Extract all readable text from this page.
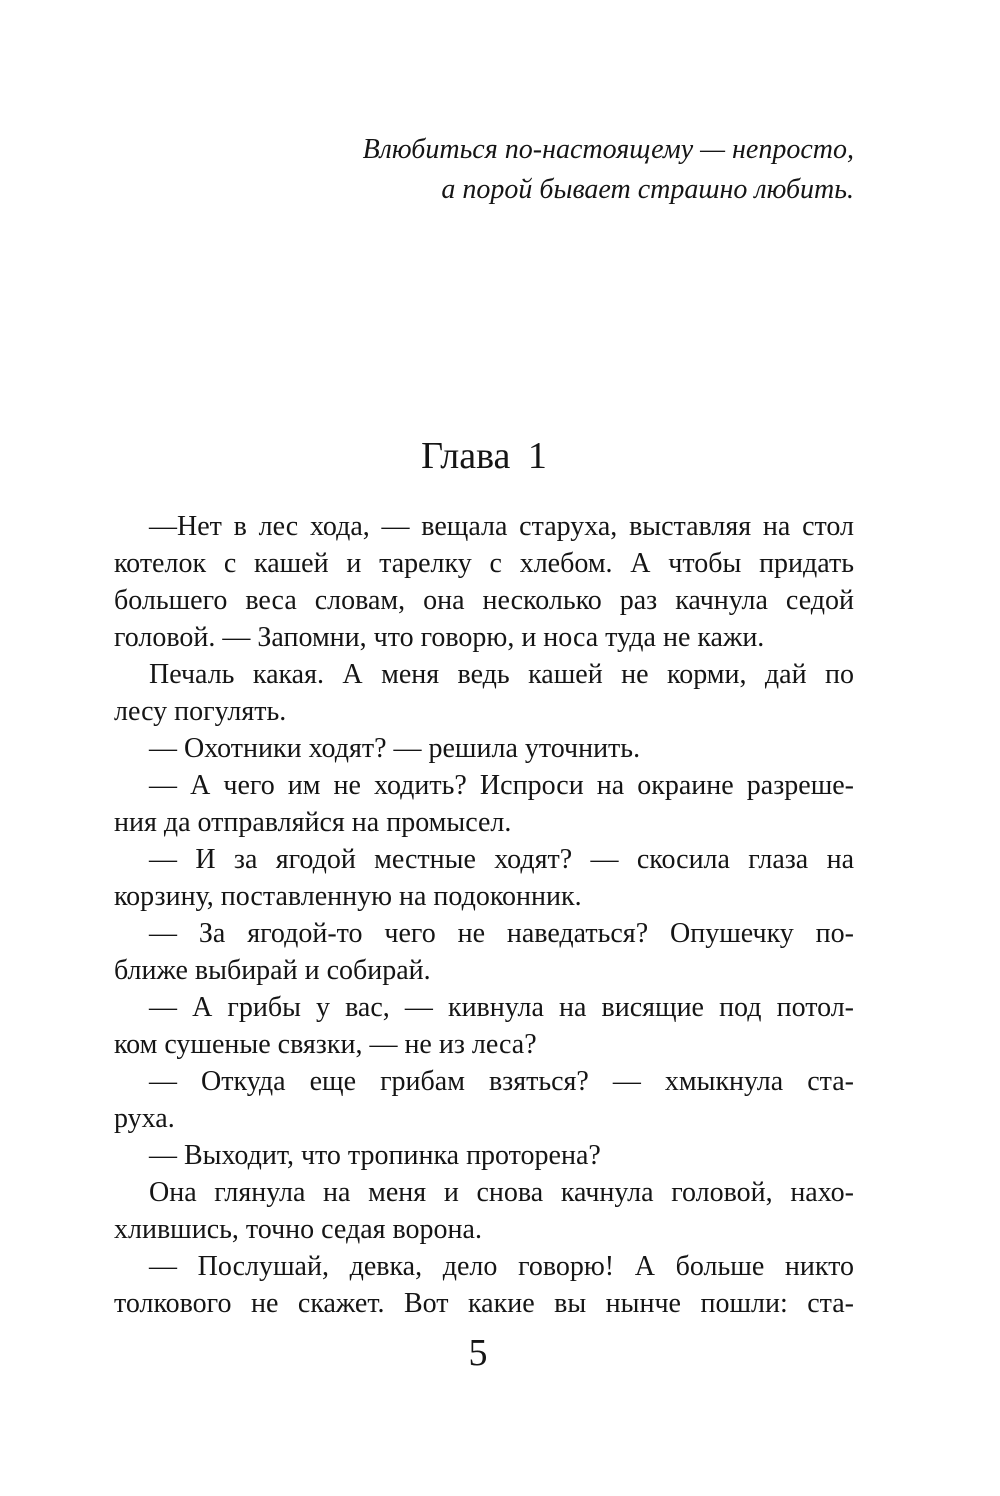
Влюбиться по-настоящему — непросто,
а порой бывает страшно любить.
Глава 1
—Нет в лес хода, — вещала старуха, выставляя на стол
котелок с кашей и тарелку с хлебом. А чтобы придать
большего веса словам, она несколько раз качнула седой
головой. — Запомни, что говорю, и носа туда не кажи.
Печаль какая. А меня ведь кашей не корми, дай по
лесу погулять.
— Охотники ходят? — решила уточнить.
— А чего им не ходить? Испроси на окраине разреше-
ния да отправляйся на промысел.
— И за ягодой местные ходят? — скосила глаза на
корзину, поставленную на подоконник.
— За ягодой-то чего не наведаться? Опушечку по-
ближе выбирай и собирай.
— А грибы у вас, — кивнула на висящие под потол-
ком сушеные связки, — не из леса?
— Откуда еще грибам взяться? — хмыкнула ста-
руха.
— Выходит, что тропинка проторена?
Она глянула на меня и снова качнула головой, нахо-
хлившись, точно седая ворона.
— Послушай, девка, дело говорю! А больше никто
толкового не скажет. Вот какие вы нынче пошли: ста-
5
